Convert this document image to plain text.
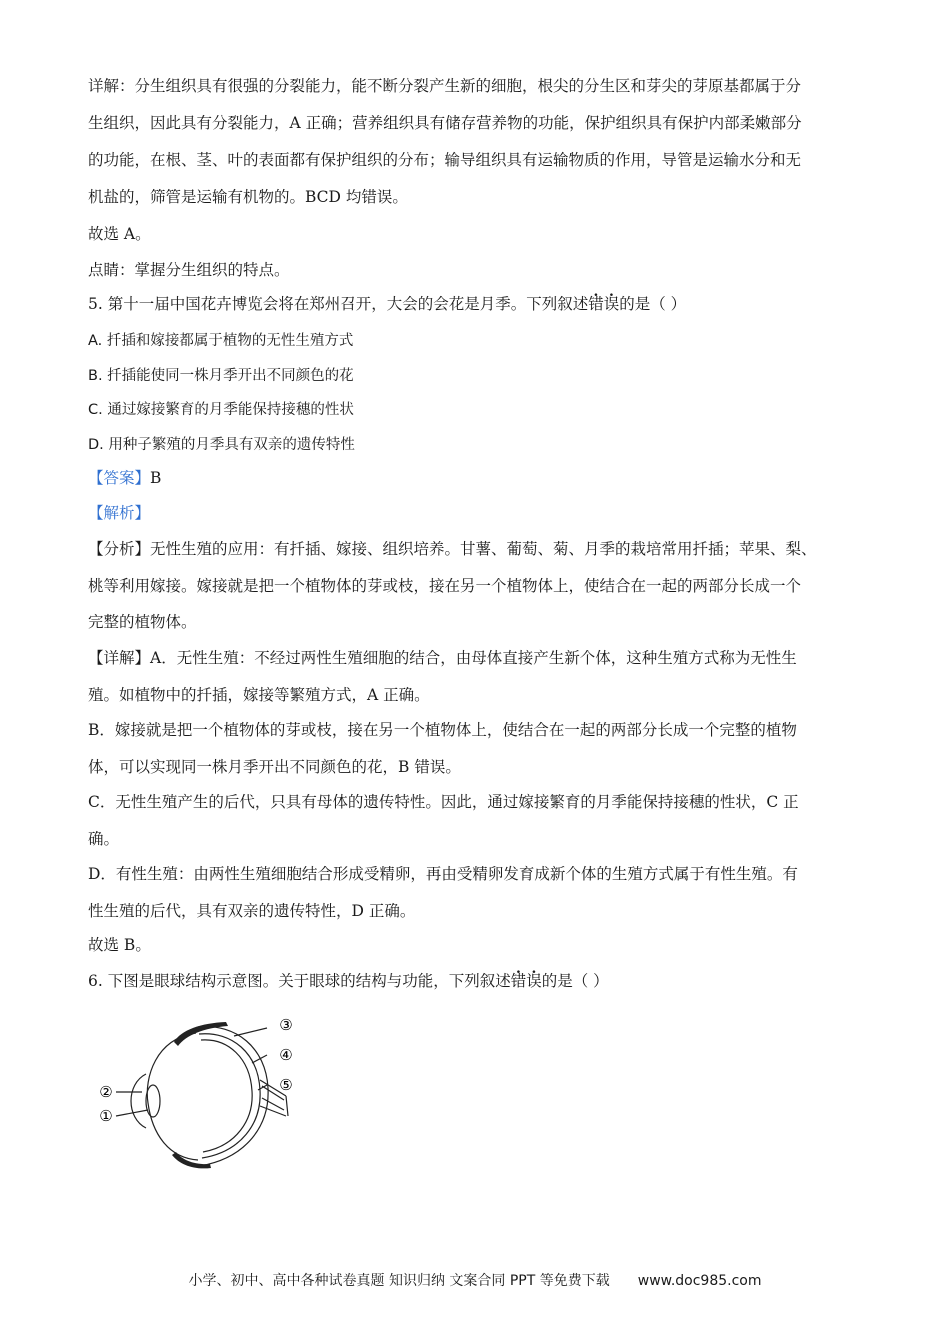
详解：分生组织具有很强的分裂能力，能不断分裂产生新的细胞，根尖的分生区和芽尖的芽原基都属于分
生组织，因此具有分裂能力，A 正确；营养组织具有储存营养物的功能，保护组织具有保护内部柔嫩部分
的功能，在根、茎、叶的表面都有保护组织的分布；输导组织具有运输物质的作用，导管是运输水分和无
机盐的，筛管是运输有机物的。BCD 均错误。
故选 A。
点睛：掌握分生组织的特点。
5. 第十一届中国花卉博览会将在郑州召开，大会的会花是月季。下列叙述错误的是（ ）
A. 扦插和嫁接都属于植物的无性生殖方式
B. 扦插能使同一株月季开出不同颜色的花
C. 通过嫁接繁育的月季能保持接穗的性状
D. 用种子繁殖的月季具有双亲的遗传特性
【答案】B
【解析】
【分析】无性生殖的应用：有扦插、嫁接、组织培养。甘薯、葡萄、菊、月季的栽培常用扦插；苹果、梨、
桃等利用嫁接。嫁接就是把一个植物体的芽或枝，接在另一个植物体上，使结合在一起的两部分长成一个
完整的植物体。
【详解】A．无性生殖：不经过两性生殖细胞的结合，由母体直接产生新个体，这种生殖方式称为无性生
殖。如植物中的扦插，嫁接等繁殖方式，A 正确。
B．嫁接就是把一个植物体的芽或枝，接在另一个植物体上，使结合在一起的两部分长成一个完整的植物
体，可以实现同一株月季开出不同颜色的花，B 错误。
C．无性生殖产生的后代，只具有母体的遗传特性。因此，通过嫁接繁育的月季能保持接穗的性状，C 正
确。
D．有性生殖：由两性生殖细胞结合形成受精卵，再由受精卵发育成新个体的生殖方式属于有性生殖。有
性生殖的后代，具有双亲的遗传特性，D 正确。
故选 B。
6. 下图是眼球结构示意图。关于眼球的结构与功能，下列叙述错误的是（ ）
②
①
③
④
⑤
小学、初中、高中各种试卷真题 知识归纳 文案合同 PPT 等免费下载 www.doc985.com
